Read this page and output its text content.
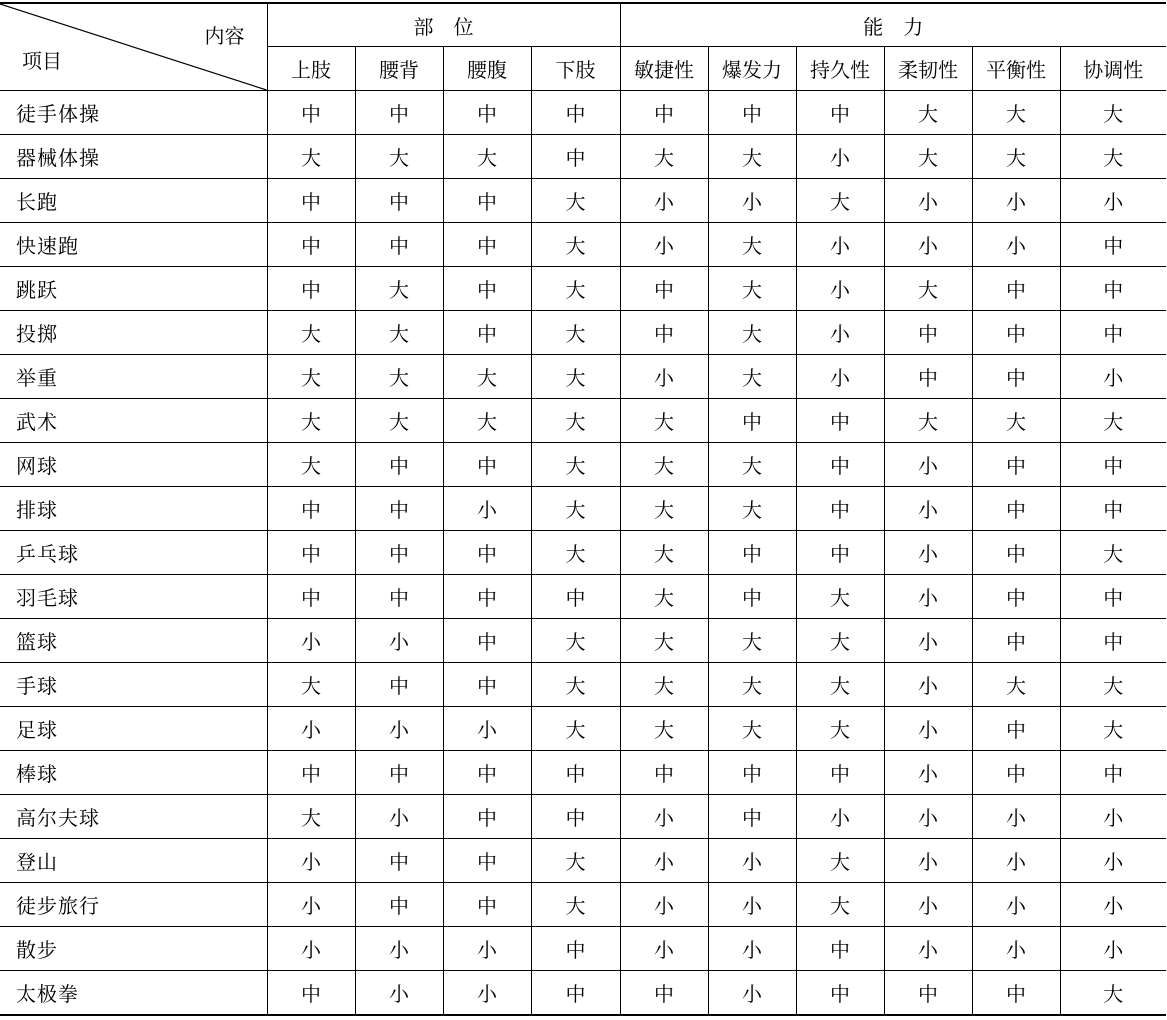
内容
项目	部　位				能　力					
	上肢	腰背	腰腹	下肢	敏捷性	爆发力	持久性	柔韧性	平衡性	协调性
徒手体操	中	中	中	中	中	中	中	大	大	大
器械体操	大	大	大	中	大	大	小	大	大	大
长跑	中	中	中	大	小	小	大	小	小	小
快速跑	中	中	中	大	小	大	小	小	小	中
跳跃	中	大	中	大	中	大	小	大	中	中
投掷	大	大	中	大	中	大	小	中	中	中
举重	大	大	大	大	小	大	小	中	中	小
武术	大	大	大	大	大	中	中	大	大	大
网球	大	中	中	大	大	大	中	小	中	中
排球	中	中	小	大	大	大	中	小	中	中
乒乓球	中	中	中	大	大	中	中	小	中	大
羽毛球	中	中	中	中	大	中	大	小	中	中
篮球	小	小	中	大	大	大	大	小	中	中
手球	大	中	中	大	大	大	大	小	大	大
足球	小	小	小	大	大	大	大	小	中	大
棒球	中	中	中	中	中	中	中	小	中	中
高尔夫球	大	小	中	中	小	中	小	小	小	小
登山	小	中	中	大	小	小	大	小	小	小
徒步旅行	小	中	中	大	小	小	大	小	小	小
散步	小	小	小	中	小	小	中	小	小	小
太极拳	中	小	小	中	中	小	中	中	中	大
